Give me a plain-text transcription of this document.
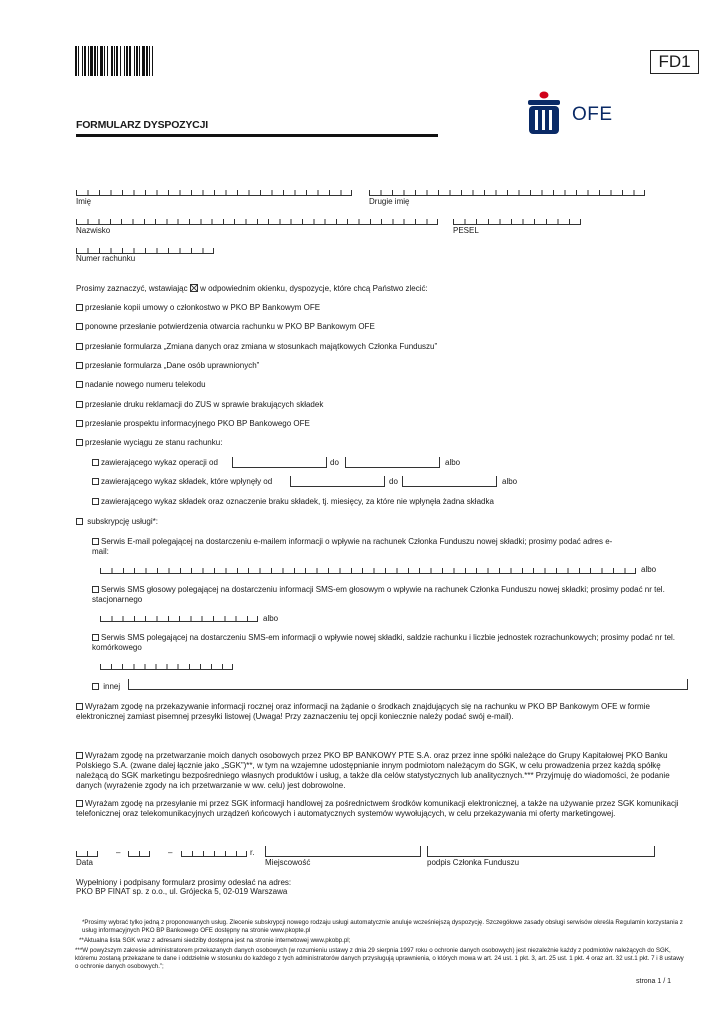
FD1
FORMULARZ DYSPOZYCJI	OFE
Imię	Drugie imię
Nazwisko	PESEL
Numer rachunku
Prosimy zaznaczyć, wstawiając w odpowiednim okienku, dyspozycje, które chcą Państwo zlecić:
przesłanie kopii umowy o członkostwo w PKO BP Bankowym OFE
ponowne przesłanie potwierdzenia otwarcia rachunku w PKO BP Bankowym OFE
przesłanie formularza „Zmiana danych oraz zmiana w stosunkach majątkowych Członka Funduszu”
przesłanie formularza „Dane osób uprawnionych”
nadanie nowego numeru telekodu
przesłanie druku reklamacji do ZUS w sprawie brakujących składek
przesłanie prospektu informacyjnego PKO BP Bankowego OFE
przesłanie wyciągu ze stanu rachunku:
zawierającego wykaz operacji od	do	albo
zawierającego wykaz składek, które wpłynęły od	do	albo
zawierającego wykaz składek oraz oznaczenie braku składek, tj. miesięcy, za które nie wpłynęła żadna składka
subskrypcję usługi*:
Serwis E-mail polegającej na dostarczeniu e-mailem informacji o wpływie na rachunek Członka Funduszu nowej składki; prosimy podać adres e-mail:
albo
Serwis SMS głosowy polegającej na dostarczeniu informacji SMS-em głosowym o wpływie na rachunek Członka Funduszu nowej składki; prosimy podać nr tel. stacjonarnego
albo
Serwis SMS polegającej na dostarczeniu SMS-em informacji o wpływie nowej składki, saldzie rachunku i liczbie jednostek rozrachunkowych; prosimy podać nr tel. komórkowego
innej
Wyrażam zgodę na przekazywanie informacji rocznej oraz informacji na żądanie o środkach znajdujących się na rachunku w PKO BP Bankowym OFE w formie elektronicznej zamiast pisemnej przesyłki listowej (Uwaga! Przy zaznaczeniu tej opcji koniecznie należy podać swój e-mail).
Wyrażam zgodę na przetwarzanie moich danych osobowych przez PKO BP BANKOWY PTE S.A. oraz przez inne spółki należące do Grupy Kapitałowej PKO Banku Polskiego S.A. (zwane dalej łącznie jako „SGK”)**, w tym na wzajemne udostępnianie innym podmiotom należącym do SGK, w celu prowadzenia przez każdą spółkę należącą do SGK marketingu bezpośredniego własnych produktów i usług, a także dla celów statystycznych lub analitycznych.*** Przyjmuję do wiadomości, że podanie danych (wyrażenie zgody na ich przetwarzanie w ww. celu) jest dobrowolne.
Wyrażam zgodę na przesyłanie mi przez SGK informacji handlowej za pośrednictwem środków komunikacji elektronicznej, a także na używanie przez SGK komunikacji telefonicznej oraz telekomunikacyjnych urządzeń końcowych i automatycznych systemów wywołujących, w celu przekazywania mi oferty marketingowej.
–	–	r.
Data	Miejscowość	podpis Członka Funduszu
Wypełniony i podpisany formularz prosimy odesłać na adres:
PKO BP FINAT sp. z o.o., ul. Grójecka 5, 02-019 Warszawa
*Prosimy wybrać tylko jedną z proponowanych usług. Zlecenie subskrypcji nowego rodzaju usługi automatycznie anuluje wcześniejszą dyspozycję. Szczegółowe zasady obsługi serwisów określa Regulamin korzystania z usług informacyjnych PKO BP Bankowego OFE dostępny na stronie www.pkopte.pl
**Aktualna lista SGK wraz z adresami siedziby dostępna jest na stronie internetowej www.pkobp.pl;
***W powyższym zakresie administratorem przekazanych danych osobowych (w rozumieniu ustawy z dnia 29 sierpnia 1997 roku o ochronie danych osobowych) jest niezależnie każdy z podmiotów należących do SGK, któremu zostaną przekazane te dane i oddzielnie w stosunku do każdego z tych administratorów danych przysługują uprawnienia, o których mowa w art. 24 ust. 1 pkt. 3, art. 25 ust. 1 pkt. 4 oraz art. 32 ust.1 pkt. 7 i 8 ustawy o ochronie danych osobowych.”;
strona 1 / 1
